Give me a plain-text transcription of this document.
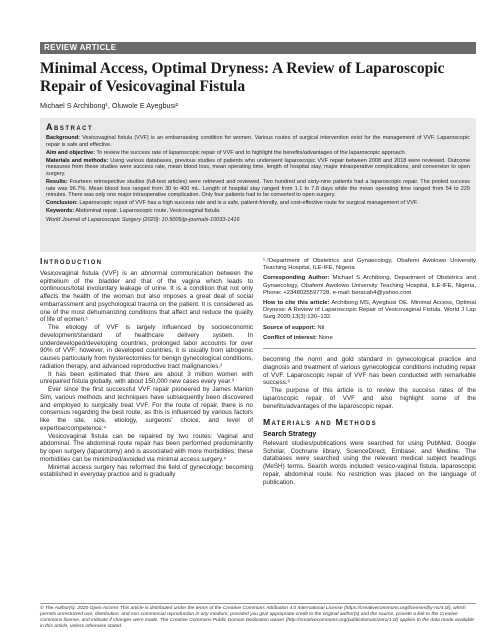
REVIEW ARTICLE
Minimal Access, Optimal Dryness: A Review of Laparoscopic Repair of Vesicovaginal Fistula
Michael S Archibong¹, Oluwole E Ayegbusi²
Abstract

Background: Vesicovaginal fistula (VVF) is an embarrassing condition for women. Various routes of surgical intervention exist for the management of VVF. Laparoscopic repair is safe and effective.

Aim and objective: To review the success rate of laparoscopic repair of VVF and to highlight the benefits/advantages of the laparoscopic approach.

Materials and methods: Using various databases, previous studies of patients who underwent laparoscopic VVF repair between 2008 and 2018 were reviewed. Outcome measures from these studies were success rate, mean blood loss, mean operating time, length of hospital stay, major intraoperative complications, and conversion to open surgery.

Results: Fourteen retrospective studies (full-text articles) were retrieved and reviewed. Two hundred and sixty-nine patients had a laparoscopic repair. The pooled success rate was 96.7%. Mean blood loss ranged from 30 to 400 mL. Length of hospital stay ranged from 1.1 to 7.8 days while the mean operating time ranged from 54 to 229 minutes. There was only one major intraoperative complication. Only four patients had to be converted to open surgery.

Conclusion: Laparoscopic repair of VVF has a high success rate and is a safe, patient-friendly, and cost-effective route for surgical management of VVF.

Keywords: Abdominal repair, Laparoscopic route, Vesicovaginal fistula.

World Journal of Laparoscopic Surgery (2020): 10.5005/jp-journals-10033-1416

Introduction

Vesicovaginal fistula (VVF) is an abnormal communication between the epithelium of the bladder and that of the vagina which leads to continuous/total involuntary leakage of urine. It is a condition that not only affects the health of the woman but also imposes a great deal of social embarrassment and psychological trauma on the patient. It is considered as one of the most dehumanizing conditions that affect and reduce the quality of life of women.¹

The etiology of VVF is largely influenced by socioeconomic development/standard of healthcare delivery system. In underdeveloped/developing countries, prolonged labor accounts for over 90% of VVF; however, in developed countries, it is usually from iatrogenic causes particularly from hysterectomies for benign gynecological conditions, radiation therapy, and advanced reproductive tract malignancies.²

It has been estimated that there are about 3 million women with unrepaired fistula globally, with about 150,000 new cases every year.³

Ever since the first successful VVF repair pioneered by James Marion Sim, various methods and techniques have subsequently been discovered and employed to surgically treat VVF. For the route of repair, there is no consensus regarding the best route, as this is influenced by various factors like the site, size, etiology, surgeons' choice, and level of expertise/competence.⁴

Vesicovaginal fistula can be repaired by two routes: Vaginal and abdominal. The abdominal route repair has been performed predominantly by open surgery (laparotomy) and is associated with more morbidities; these morbidities can be minimized/avoided via minimal access surgery.⁵

Minimal access surgery has reformed the field of gynecology; becoming established in everyday practice and is gradually

¹˒²Department of Obstetrics and Gynaecology, Obafemi Awolowo University Teaching Hospital, ILE-IFE, Nigeria
Corresponding Author: Michael S Archibong, Department of Obstetrics and Gynaecology, Obafemi Awolowo University Teaching Hospital, ILE-IFE, Nigeria, Phone: +2348025597728, e-mail: beracah4@yahoo.com
How to cite this article: Archibong MS, Ayegbusi OE. Minimal Access, Optimal Dryness: A Review of Laparoscopic Repair of Vesicovaginal Fistula. World J Lap Surg 2020;13(3):130–132.
Source of support: Nil
Conflict of interest: None

becoming the norm and gold standard in gynecological practice and diagnosis and treatment of various gynecological conditions including repair of VVF. Laparoscopic repair of VVF has been conducted with remarkable success.⁶

The purpose of this article is to review the success rates of the laparoscopic repair of VVF and also highlight some of the benefits/advantages of the laparoscopic repair.

Materials and Methods
Search Strategy

Relevant studies/publications were searched for using PubMed, Google Scholar, Cochrane library, ScienceDirect, Embase, and Medline. The databases were searched using the relevant medical subject headings (MeSH) terms. Search words included: vesico-vaginal fistula, laparoscopic repair, abdominal route. No restriction was placed on the language of publication.

© The Author(s). 2020 Open Access This article is distributed under the terms of the Creative Commons Attribution 4.0 International License (https://creativecommons.org/licenses/by-nc/4.0/), which permits unrestricted use, distribution, and non-commercial reproduction in any medium, provided you give appropriate credit to the original author(s) and the source, provide a link to the Creative Commons license, and indicate if changes were made. The Creative Commons Public Domain Dedication waiver (http://creativecommons.org/publicdomain/zero/1.0/) applies to the data made available in this article, unless otherwise stated.
